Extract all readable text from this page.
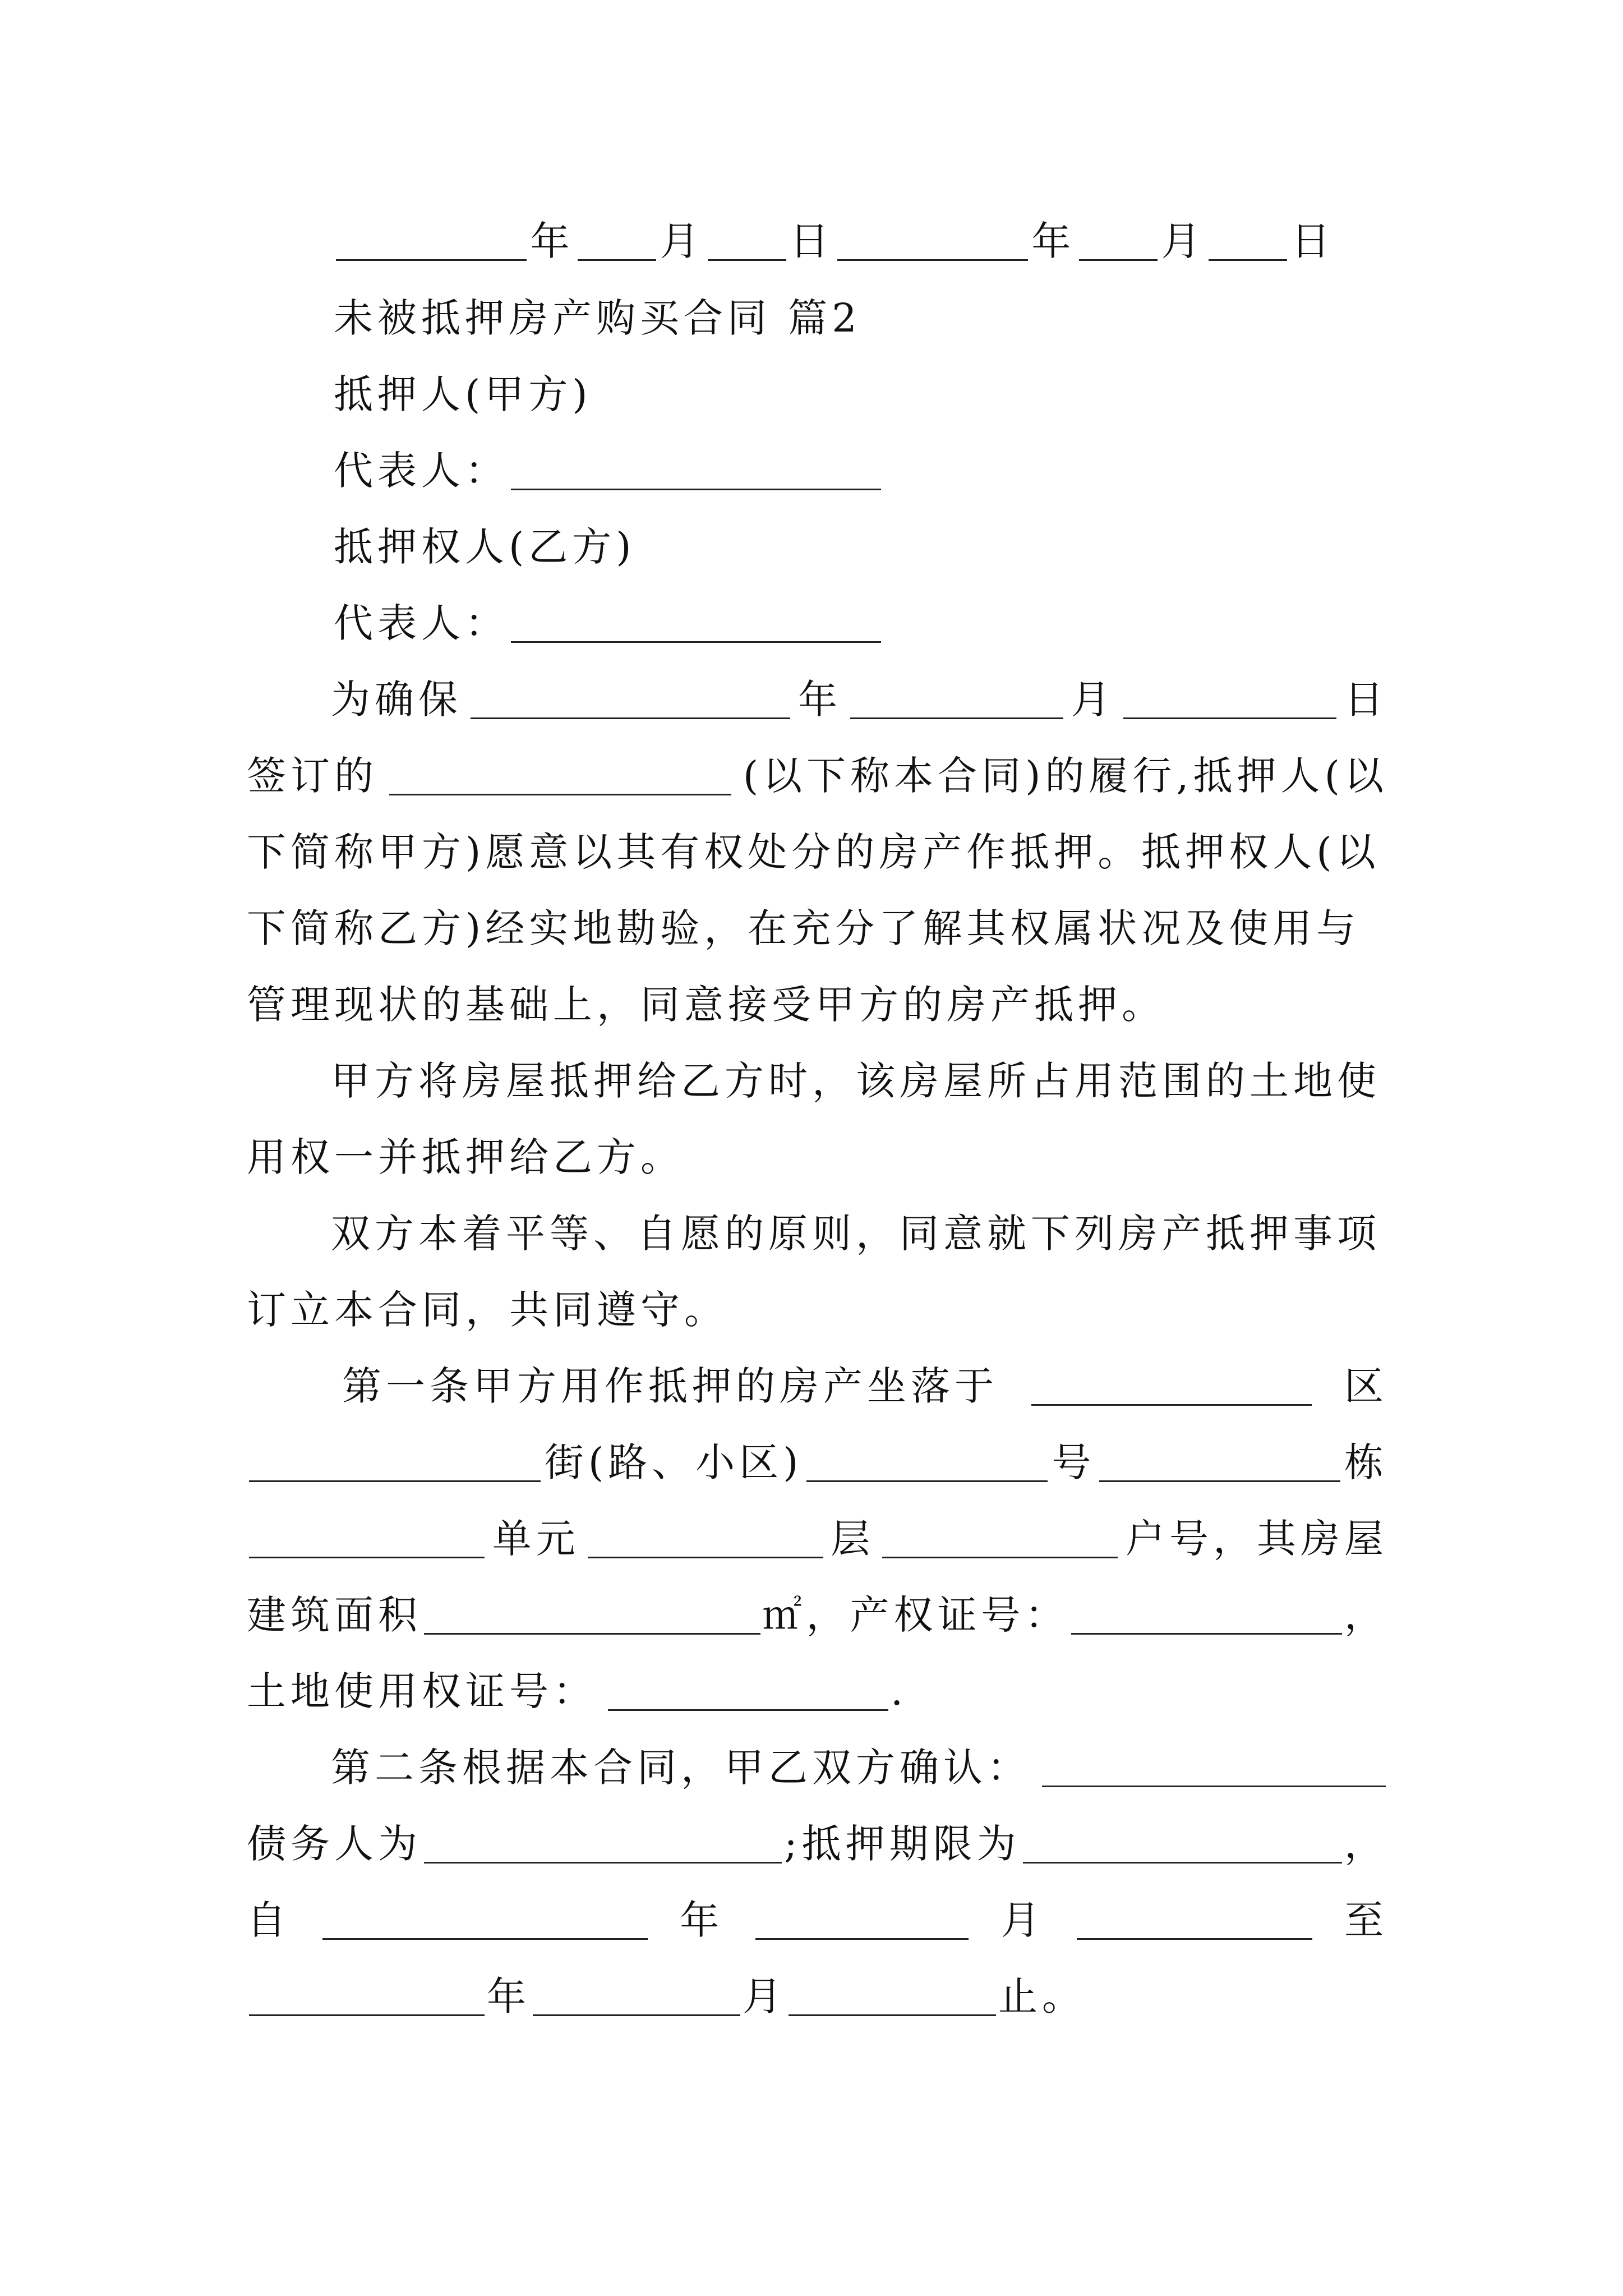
年 月 日	年 月 日
未被抵押房产购买合同 篇2
抵押人(甲方)
代表人：
抵押权人(乙方)
代表人：
为确保	年	月	日
签订的	(以下称本合同)的履行,抵押人(以
下简称甲方)愿意以其有权处分的房产作抵押。抵押权人(以
下简称乙方)经实地勘验，在充分了解其权属状况及使用与
管理现状的基础上，同意接受甲方的房产抵押。
甲方将房屋抵押给乙方时，该房屋所占用范围的土地使
用权一并抵押给乙方。
双方本着平等、自愿的原则，同意就下列房产抵押事项
订立本合同，共同遵守。
第一条甲方用作抵押的房产坐落于	区
街(路、小区)	号	栋
单元	层	户号，其房屋
建筑面积	㎡，产权证号：	，
土地使用权证号：	.
第二条根据本合同，甲乙双方确认：
债务人为	;抵押期限为	，
自	年	月	至
年	月	止。
